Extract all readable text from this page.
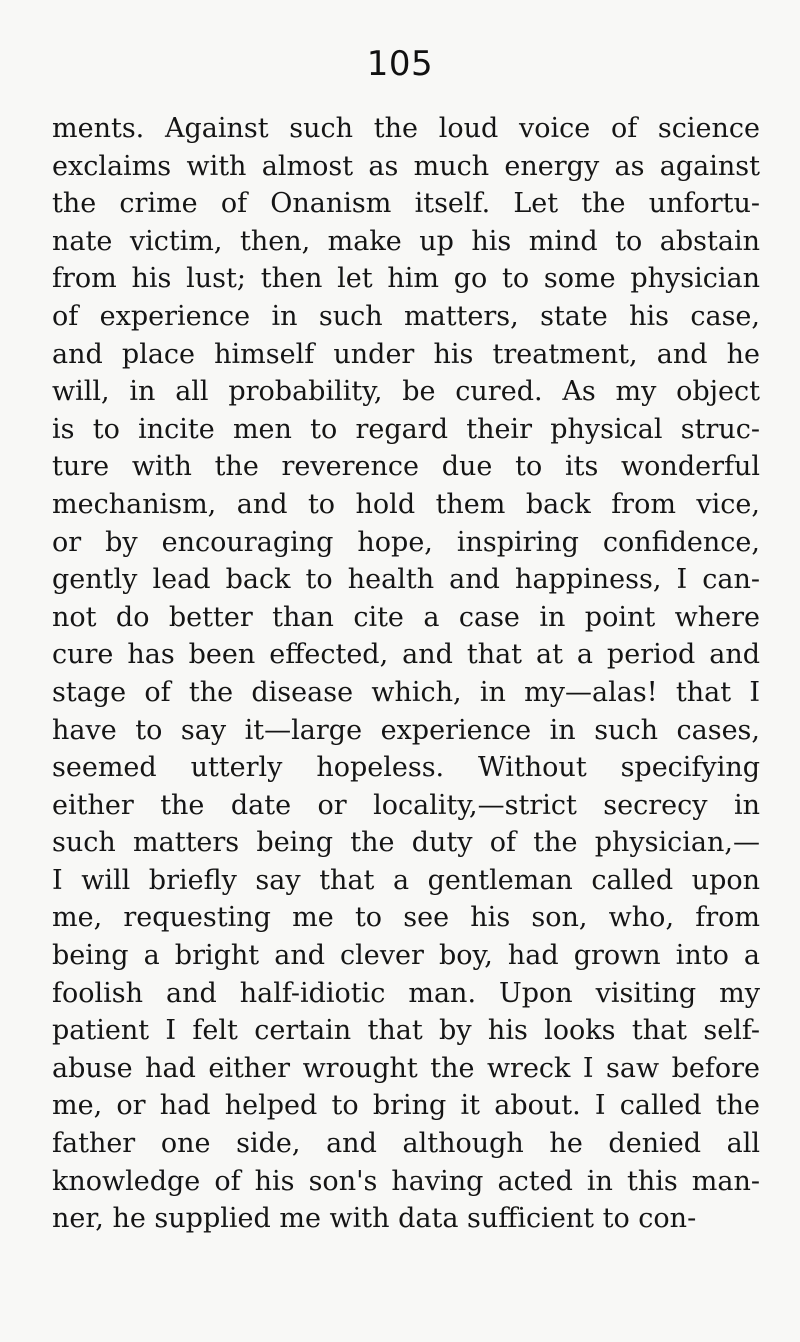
105
ments. Against such the loud voice of science
exclaims with almost as much energy as against
the crime of Onanism itself. Let the unfortu-
nate victim, then, make up his mind to abstain
from his lust; then let him go to some physician
of experience in such matters, state his case,
and place himself under his treatment, and he
will, in all probability, be cured. As my object
is to incite men to regard their physical struc-
ture with the reverence due to its wonderful
mechanism, and to hold them back from vice,
or by encouraging hope, inspiring confidence,
gently lead back to health and happiness, I can-
not do better than cite a case in point where
cure has been effected, and that at a period and
stage of the disease which, in my—alas! that I
have to say it—large experience in such cases,
seemed utterly hopeless. Without specifying
either the date or locality,—strict secrecy in
such matters being the duty of the physician,—
I will briefly say that a gentleman called upon
me, requesting me to see his son, who, from
being a bright and clever boy, had grown into a
foolish and half-idiotic man. Upon visiting my
patient I felt certain that by his looks that self-
abuse had either wrought the wreck I saw before
me, or had helped to bring it about. I called the
father one side, and although he denied all
knowledge of his son's having acted in this man-
ner, he supplied me with data sufficient to con-
